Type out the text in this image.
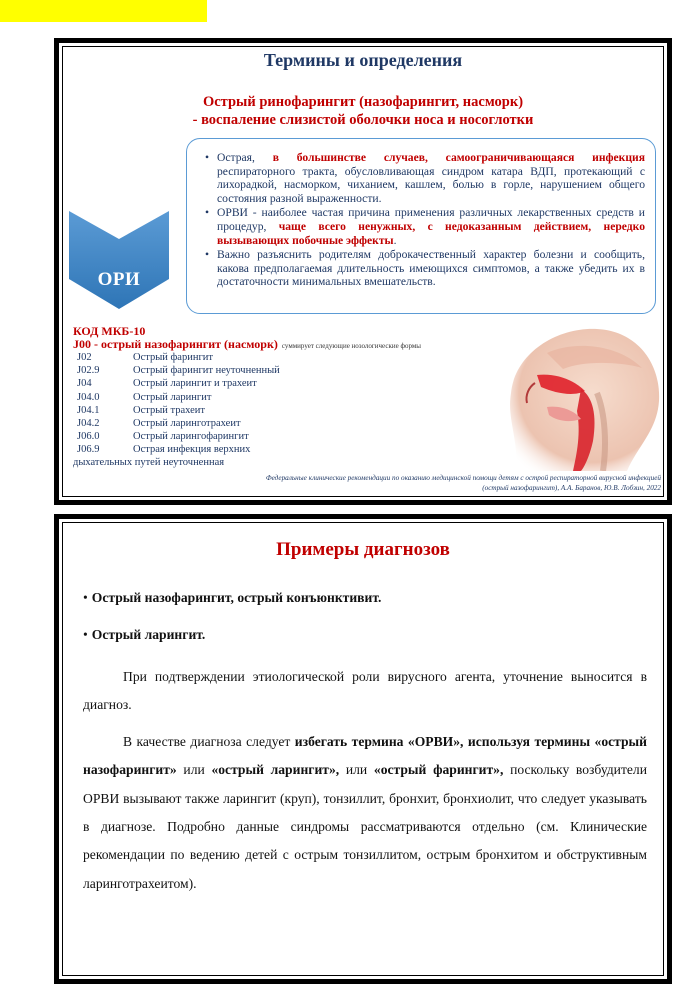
Термины и определения
Острый ринофарингит (назофарингит, насморк)
- воспаление слизистой оболочки носа и носоглотки
ОРИ
• Острая, в большинстве случаев, самоограничивающаяся инфекция респираторного тракта, обусловливающая синдром катара ВДП, протекающий с лихорадкой, насморком, чиханием, кашлем, болью в горле, нарушением общего состояния разной выраженности.
• ОРВИ - наиболее частая причина применения различных лекарственных средств и процедур, чаще всего ненужных, с недоказанным действием, нередко вызывающих побочные эффекты.
• Важно разъяснить родителям доброкачественный характер болезни и сообщить, какова предполагаемая длительность имеющихся симптомов, а также убедить их в достаточности минимальных вмешательств.
КОД МКБ-10
J00 - острый назофарингит (насморк) суммирует следующие нозологические формы
J02	Острый фарингит
J02.9	Острый фарингит неуточненный
J04	Острый ларингит и трахеит
J04.0	Острый ларингит
J04.1	Острый трахеит
J04.2	Острый ларинготрахеит
J06.0	Острый ларингофарингит
J06.9	Острая инфекция верхних
дыхательных путей неуточненная
Федеральные клинические рекомендации по оказанию медицинской помощи детям с острой респираторной вирусной инфекцией
(острый назофарингит), А.А. Баранов, Ю.В. Лобзин, 2022
Примеры диагнозов
• Острый назофарингит, острый конъюнктивит.
• Острый ларингит.

При подтверждении этиологической роли вирусного агента, уточнение выносится в диагноз.

В качестве диагноза следует избегать термина «ОРВИ», используя термины «острый назофарингит» или «острый ларингит», или «острый фарингит», поскольку возбудители ОРВИ вызывают также ларингит (круп), тонзиллит, бронхит, бронхиолит, что следует указывать в диагнозе. Подробно данные синдромы рассматриваются отдельно (см. Клинические рекомендации по ведению детей с острым тонзиллитом, острым бронхитом и обструктивным ларинготрахеитом).
